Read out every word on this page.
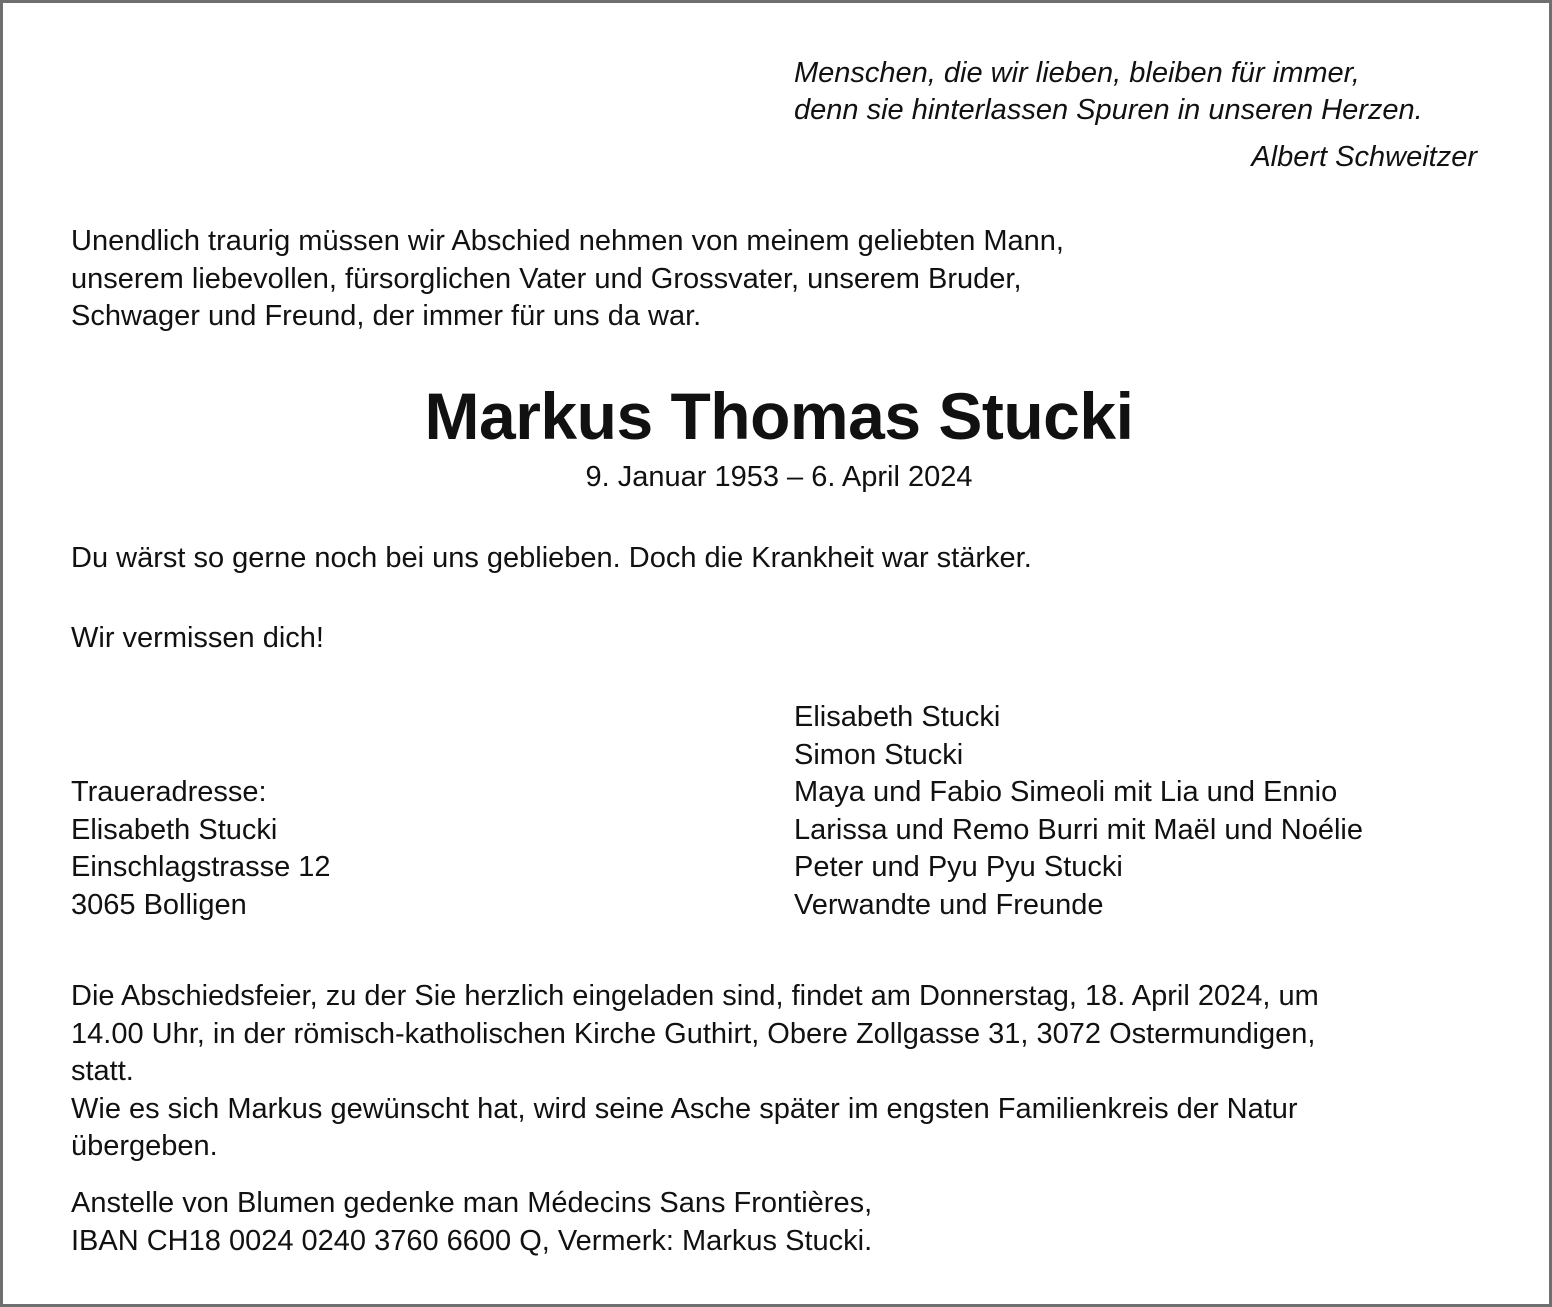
Menschen, die wir lieben, bleiben für immer,
denn sie hinterlassen Spuren in unseren Herzen.
Albert Schweitzer
Unendlich traurig müssen wir Abschied nehmen von meinem geliebten Mann,
unserem liebevollen, fürsorglichen Vater und Grossvater, unserem Bruder,
Schwager und Freund, der immer für uns da war.
Markus Thomas Stucki
9. Januar 1953 – 6. April 2024
Du wärst so gerne noch bei uns geblieben. Doch die Krankheit war stärker.
Wir vermissen dich!
Elisabeth Stucki
Simon Stucki
Maya und Fabio Simeoli mit Lia und Ennio
Larissa und Remo Burri mit Maël und Noélie
Peter und Pyu Pyu Stucki
Verwandte und Freunde
Traueradresse:
Elisabeth Stucki
Einschlagstrasse 12
3065 Bolligen
Die Abschiedsfeier, zu der Sie herzlich eingeladen sind, findet am Donnerstag, 18. April 2024, um
14.00 Uhr, in der römisch-katholischen Kirche Guthirt, Obere Zollgasse 31, 3072 Ostermundigen,
statt.
Wie es sich Markus gewünscht hat, wird seine Asche später im engsten Familienkreis der Natur
übergeben.
Anstelle von Blumen gedenke man Médecins Sans Frontières,
IBAN CH18 0024 0240 3760 6600 Q, Vermerk: Markus Stucki.
